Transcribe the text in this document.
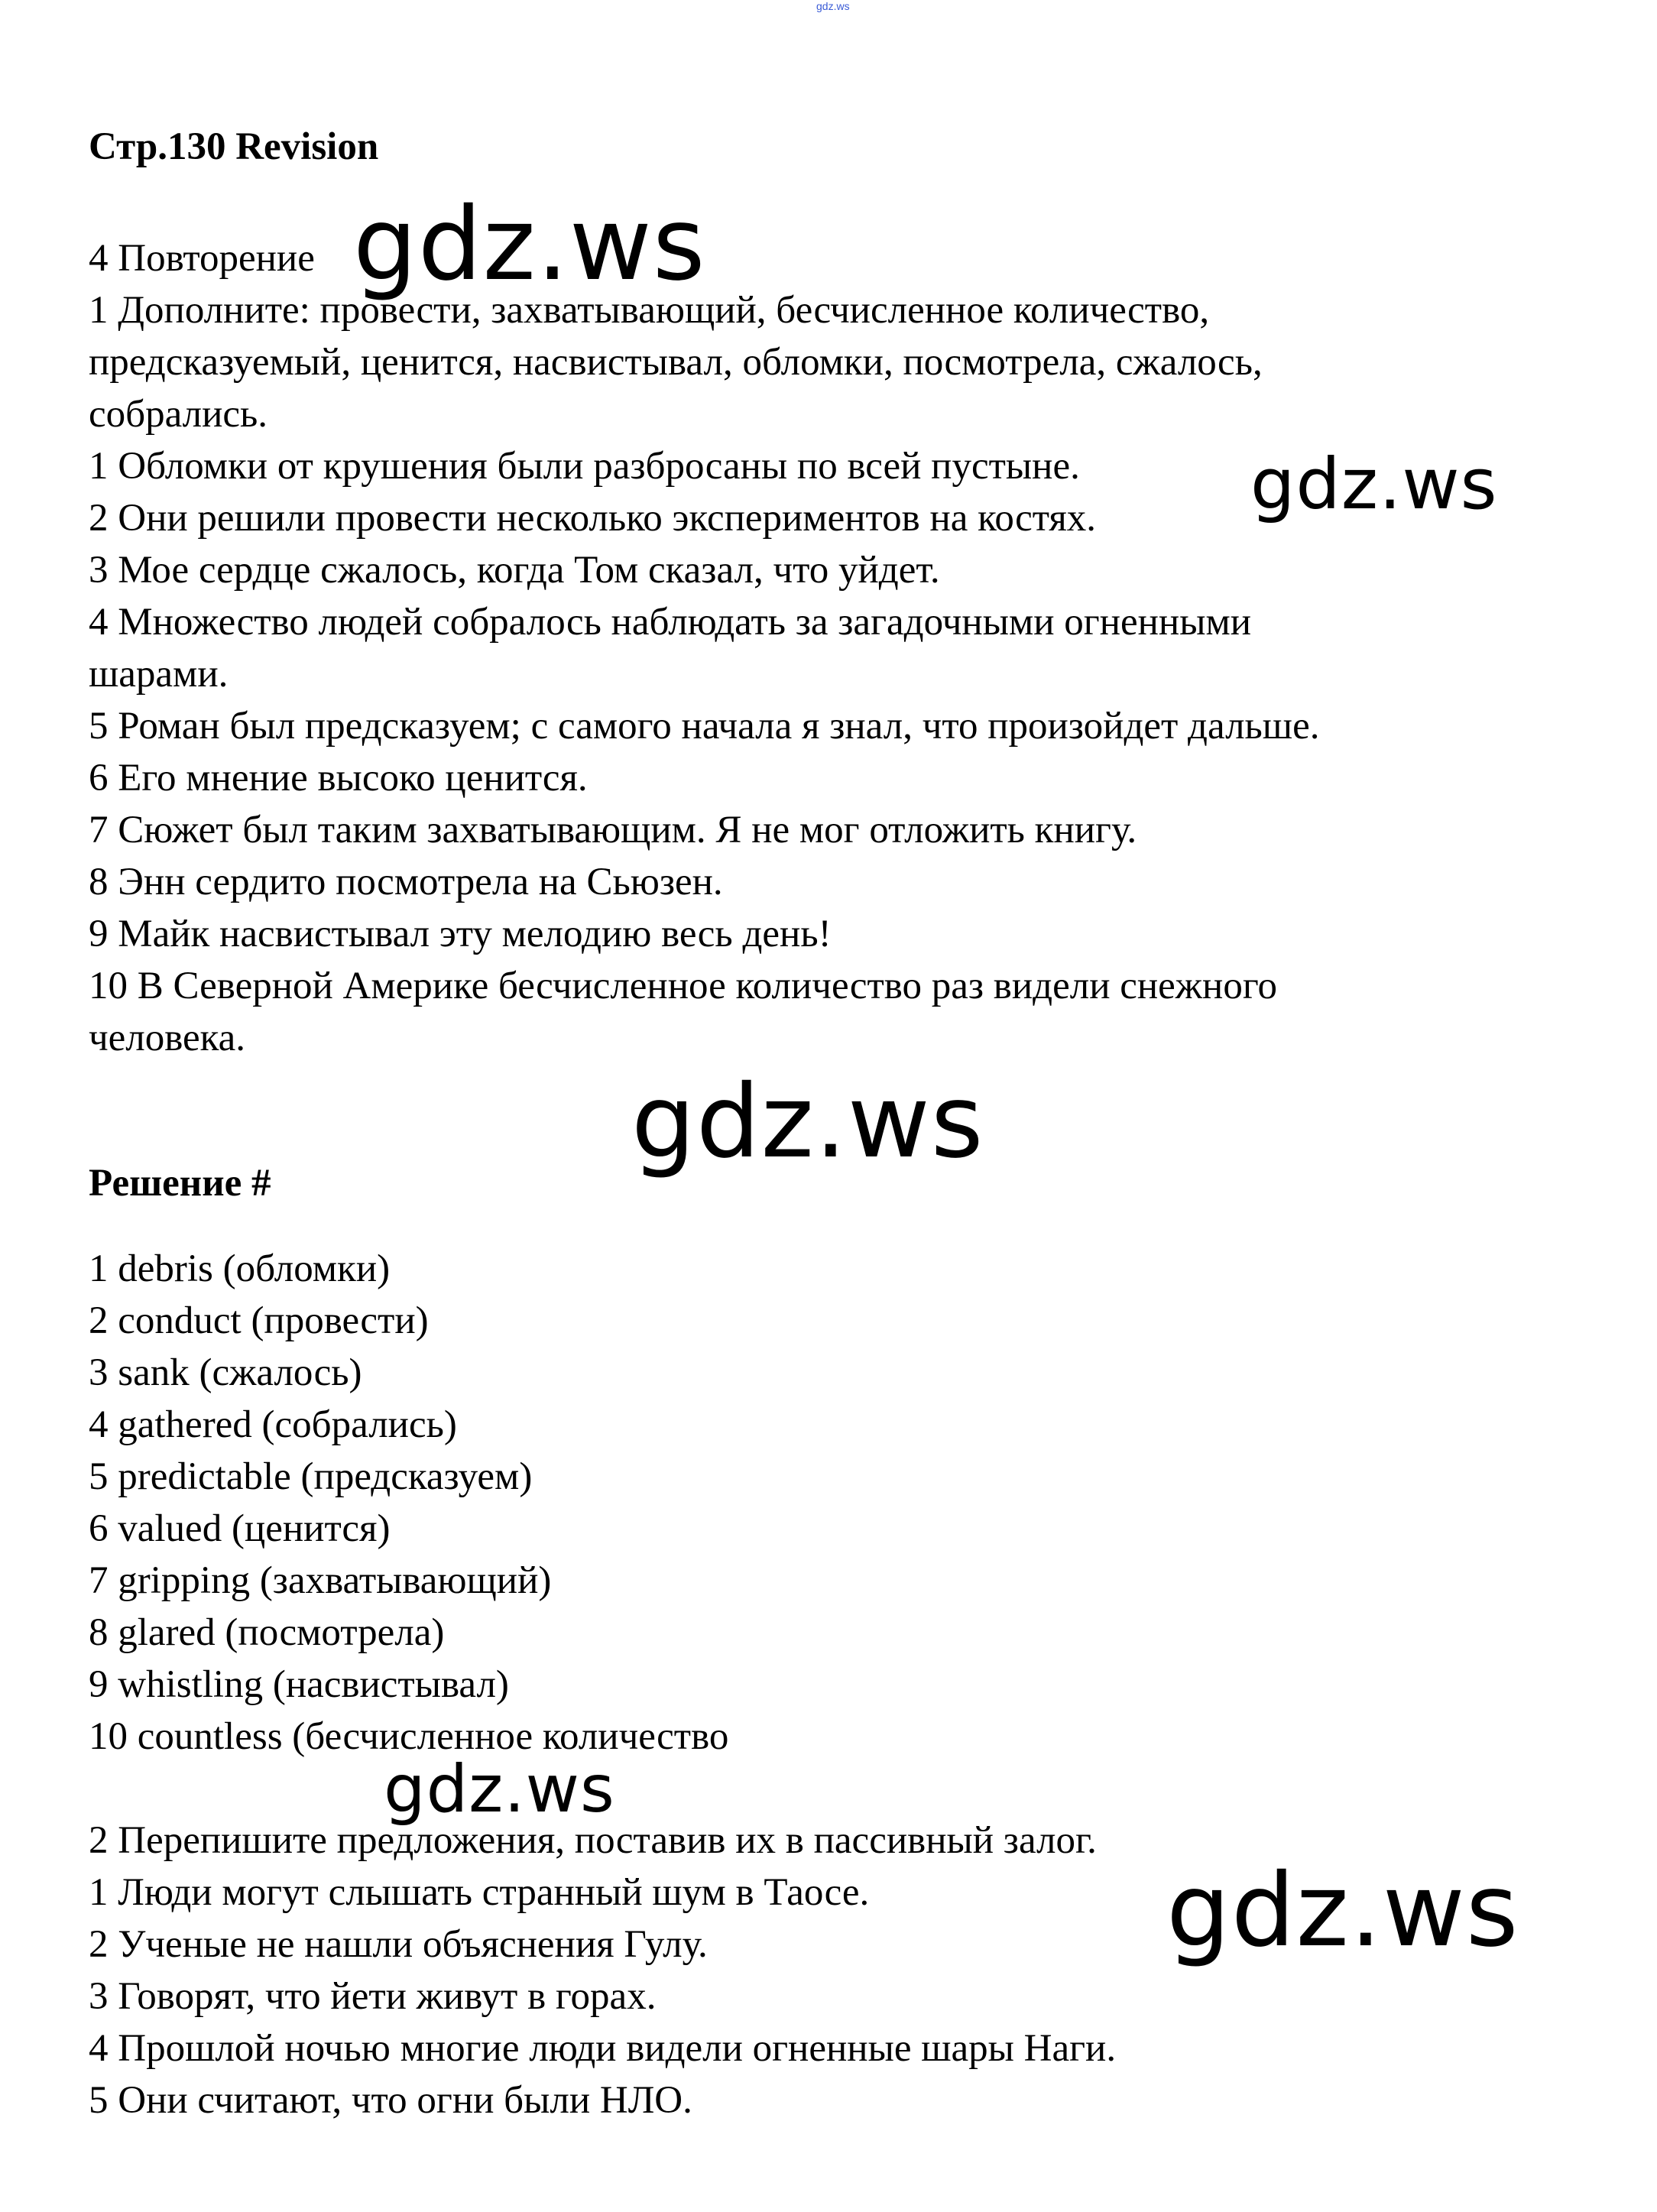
gdz.ws
Стр.130 Revision
4 Повторение
1 Дополните: провести, захватывающий, бесчисленное количество,
предсказуемый, ценится, насвистывал, обломки, посмотрела, сжалось,
собрались.
1 Обломки от крушения были разбросаны по всей пустыне.
2 Они решили провести несколько экспериментов на костях.
3 Мое сердце сжалось, когда Том сказал, что уйдет.
4 Множество людей собралось наблюдать за загадочными огненными
шарами.
5 Роман был предсказуем; с самого начала я знал, что произойдет дальше.
6 Его мнение высоко ценится.
7 Сюжет был таким захватывающим. Я не мог отложить книгу.
8 Энн сердито посмотрела на Сьюзен.
9 Майк насвистывал эту мелодию весь день!
10 В Северной Америке бесчисленное количество раз видели снежного
человека.
Решение #
1 debris (обломки)
2 conduct (провести)
3 sank (сжалось)
4 gathered (собрались)
5 predictable (предсказуем)
6 valued (ценится)
7 gripping (захватывающий)
8 glared (посмотрела)
9 whistling (насвистывал)
10 countless (бесчисленное количество
2 Перепишите предложения, поставив их в пассивный залог.
1 Люди могут слышать странный шум в Таосе.
2 Ученые не нашли объяснения Гулу.
3 Говорят, что йети живут в горах.
4 Прошлой ночью многие люди видели огненные шары Наги.
5 Они считают, что огни были НЛО.
gdz.ws
gdz.ws
gdz.ws
gdz.ws
gdz.ws
